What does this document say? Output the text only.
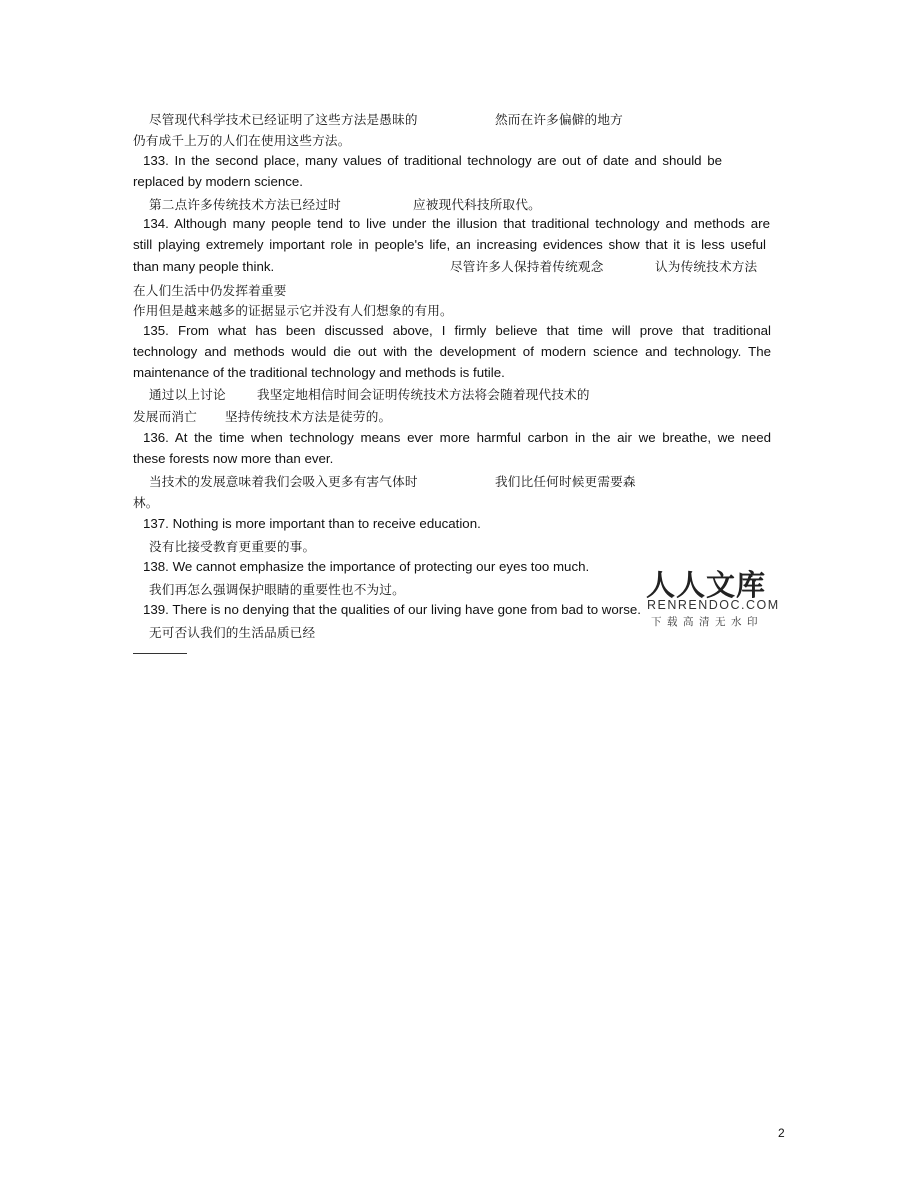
尽管现代科学技术已经证明了这些方法是愚昧的	然而在许多偏僻的地方
仍有成千上万的人们在使用这些方法。
133. In the second place, many values of traditional technology are out of date and should be
replaced by modern science.
第二点许多传统技术方法已经过时	应被现代科技所取代。
134. Although many people tend to live under the illusion that traditional technology and methods are
still playing extremely important role in people's life, an increasing evidences show that it is less useful
than many people think.	尽管许多人保持着传统观念	认为传统技术方法
在人们生活中仍发挥着重要
作用但是越来越多的证据显示它并没有人们想象的有用。
135. From what has been discussed above, I firmly believe that time will prove that traditional
technology and methods would die out with the development of modern science and technology. The
maintenance of the traditional technology and methods is futile.
通过以上讨论 我坚定地相信时间会证明传统技术方法将会随着现代技术的
发展而消亡 坚持传统技术方法是徒劳的。
136. At the time when technology means ever more harmful carbon in the air we breathe, we need
these forests now more than ever.
当技术的发展意味着我们会吸入更多有害气体时	我们比任何时候更需要森
林。
137. Nothing is more important than to receive education.
没有比接受教育更重要的事。
138. We cannot emphasize the importance of protecting our eyes too much.
我们再怎么强调保护眼睛的重要性也不为过。
139. There is no denying that the qualities of our living have gone from bad to worse.
无可否认我们的生活品质已经
人人文库
RENRENDOC.COM
下载高清无水印
2
